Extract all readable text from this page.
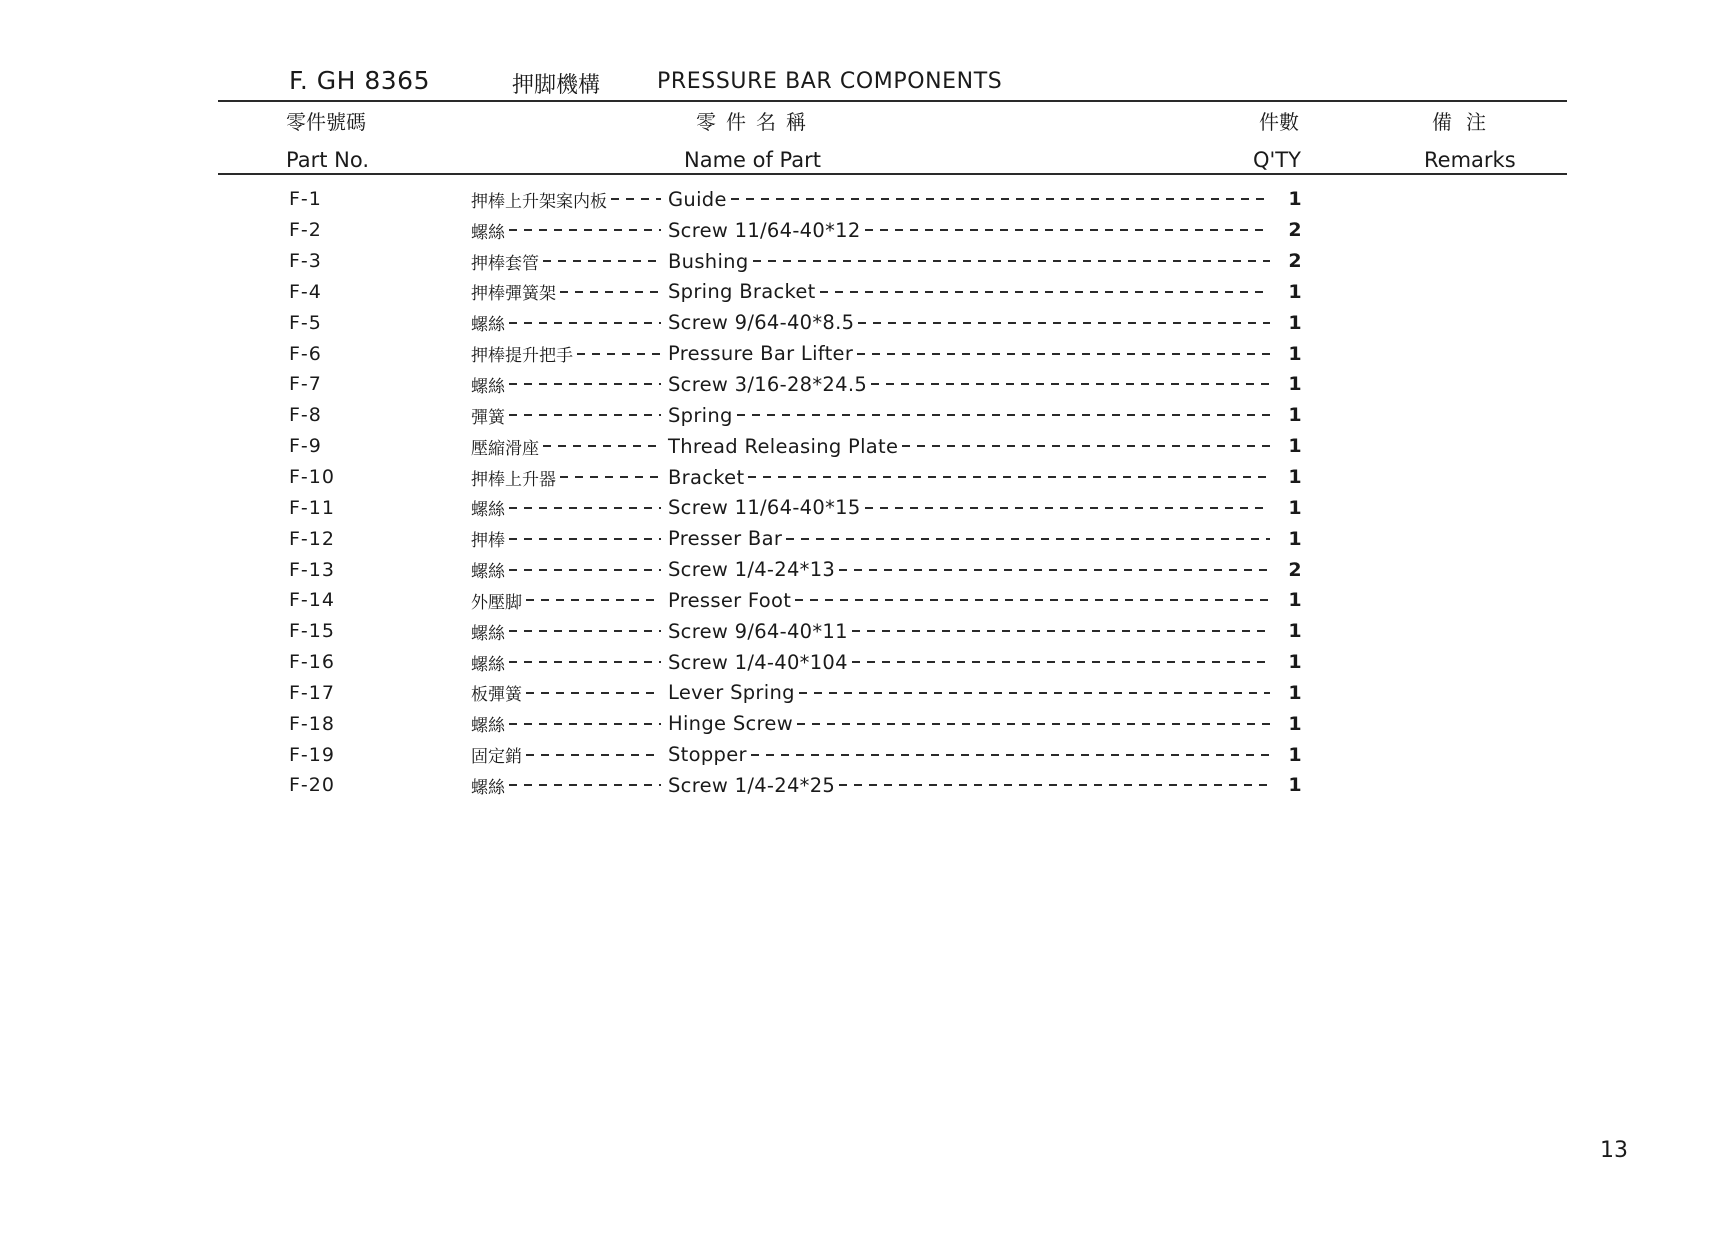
F. GH 8365	押脚機構	PRESSURE BAR COMPONENTS
零件號碼	零件名稱	件數	備注
Part No.	Name of Part	Q'TY	Remarks
F-1	押棒上升架案内板	Guide	1
F-2	螺絲	Screw 11/64-40*12	2
F-3	押棒套管	Bushing	2
F-4	押棒彈簧架	Spring Bracket	1
F-5	螺絲	Screw 9/64-40*8.5	1
F-6	押棒提升把手	Pressure Bar Lifter	1
F-7	螺絲	Screw 3/16-28*24.5	1
F-8	彈簧	Spring	1
F-9	壓縮滑座	Thread Releasing Plate	1
F-10	押棒上升器	Bracket	1
F-11	螺絲	Screw 11/64-40*15	1
F-12	押棒	Presser Bar	1
F-13	螺絲	Screw 1/4-24*13	2
F-14	外壓脚	Presser Foot	1
F-15	螺絲	Screw 9/64-40*11	1
F-16	螺絲	Screw 1/4-40*104	1
F-17	板彈簧	Lever Spring	1
F-18	螺絲	Hinge Screw	1
F-19	固定銷	Stopper	1
F-20	螺絲	Screw 1/4-24*25	1
13
